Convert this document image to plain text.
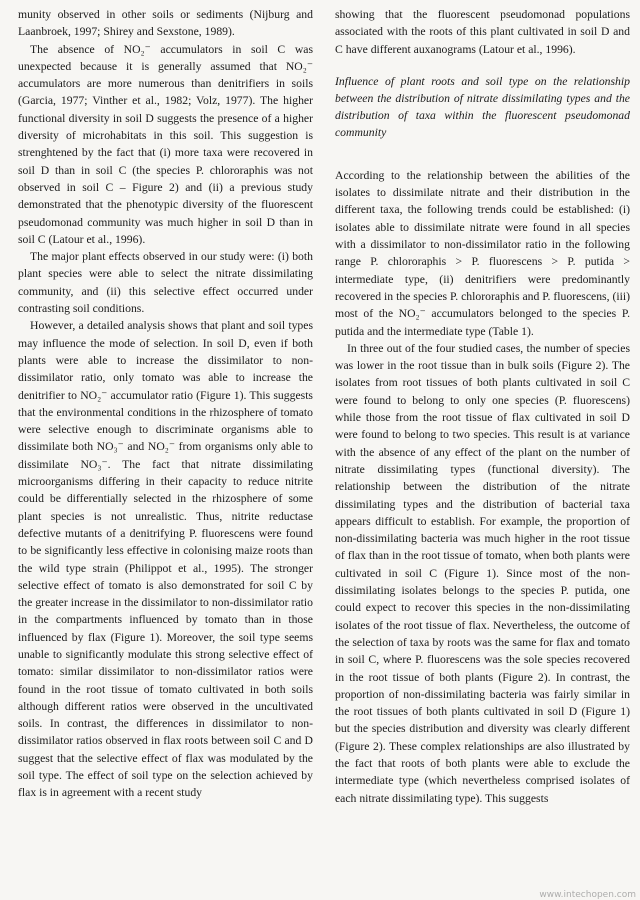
munity observed in other soils or sediments (Nijburg and Laanbroek, 1997; Shirey and Sexstone, 1989).

The absence of NO₂⁻ accumulators in soil C was unexpected because it is generally assumed that NO₂⁻ accumulators are more numerous than denitrifiers in soils (Garcia, 1977; Vinther et al., 1982; Volz, 1977). The higher functional diversity in soil D suggests the presence of a higher diversity of microhabitats in this soil. This suggestion is strenghtened by the fact that (i) more taxa were recovered in soil D than in soil C (the species P. chlororaphis was not observed in soil C – Figure 2) and (ii) a previous study demonstrated that the phenotypic diversity of the fluorescent pseudomonad community was much higher in soil D than in soil C (Latour et al., 1996).

The major plant effects observed in our study were: (i) both plant species were able to select the nitrate dissimilating community, and (ii) this selective effect occurred under contrasting soil conditions.

However, a detailed analysis shows that plant and soil types may influence the mode of selection. In soil D, even if both plants were able to increase the dissimilator to non-dissimilator ratio, only tomato was able to increase the denitrifier to NO₂⁻ accumulator ratio (Figure 1). This suggests that the environmental conditions in the rhizosphere of tomato were selective enough to discriminate organisms able to dissimilate both NO₃⁻ and NO₂⁻ from organisms only able to dissimilate NO₃⁻. The fact that nitrate dissimilating microorganisms differing in their capacity to reduce nitrite could be differentially selected in the rhizosphere of some plant species is not unrealistic. Thus, nitrite reductase defective mutants of a denitrifying P. fluorescens were found to be significantly less effective in colonising maize roots than the wild type strain (Philippot et al., 1995). The stronger selective effect of tomato is also demonstrated for soil C by the greater increase in the dissimilator to non-dissimilator ratio in the compartments influenced by tomato than in those influenced by flax (Figure 1). Moreover, the soil type seems unable to significantly modulate this strong selective effect of tomato: similar dissimilator to non-dissimilator ratios were found in the root tissue of tomato cultivated in both soils although different ratios were observed in the uncultivated soils. In contrast, the differences in dissimilator to non-dissimilator ratios observed in flax roots between soil C and D suggest that the selective effect of flax was modulated by the soil type. The effect of soil type on the selection achieved by flax is in agreement with a recent study

showing that the fluorescent pseudomonad populations associated with the roots of this plant cultivated in soil D and C have different auxanograms (Latour et al., 1996).

Influence of plant roots and soil type on the relationship between the distribution of nitrate dissimilating types and the distribution of taxa within the fluorescent pseudomonad community

According to the relationship between the abilities of the isolates to dissimilate nitrate and their distribution in the different taxa, the following trends could be established: (i) isolates able to dissimilate nitrate were found in all species with a dissimilator to non-dissimilator ratio in the following range P. chlororaphis > P. fluorescens > P. putida > intermediate type, (ii) denitrifiers were predominantly recovered in the species P. chlororaphis and P. fluorescens, (iii) most of the NO₂⁻ accumulators belonged to the species P. putida and the intermediate type (Table 1).

In three out of the four studied cases, the number of species was lower in the root tissue than in bulk soils (Figure 2). The isolates from root tissues of both plants cultivated in soil C were found to belong to only one species (P. fluorescens) while those from the root tissue of flax cultivated in soil D were found to belong to two species. This result is at variance with the absence of any effect of the plant on the number of nitrate dissimilating types (functional diversity). The relationship between the distribution of the nitrate dissimilating types and the distribution of bacterial taxa appears difficult to establish. For example, the proportion of non-dissimilating bacteria was much higher in the root tissue of flax than in the root tissue of tomato, when both plants were cultivated in soil C (Figure 1). Since most of the non-dissimilating isolates belongs to the species P. putida, one could expect to recover this species in the non-dissimilating isolates of the root tissue of flax. Nevertheless, the outcome of the selection of taxa by roots was the same for flax and tomato in soil C, where P. fluorescens was the sole species recovered in the root tissue of both plants (Figure 2). In contrast, the proportion of non-dissimilating bacteria was fairly similar in the root tissues of both plants cultivated in soil D (Figure 1) but the species distribution and diversity was clearly different (Figure 2). These complex relationships are also illustrated by the fact that roots of both plants were able to exclude the intermediate type (which nevertheless comprised isolates of each nitrate dissimilating type). This suggests

www.intechopen.com
